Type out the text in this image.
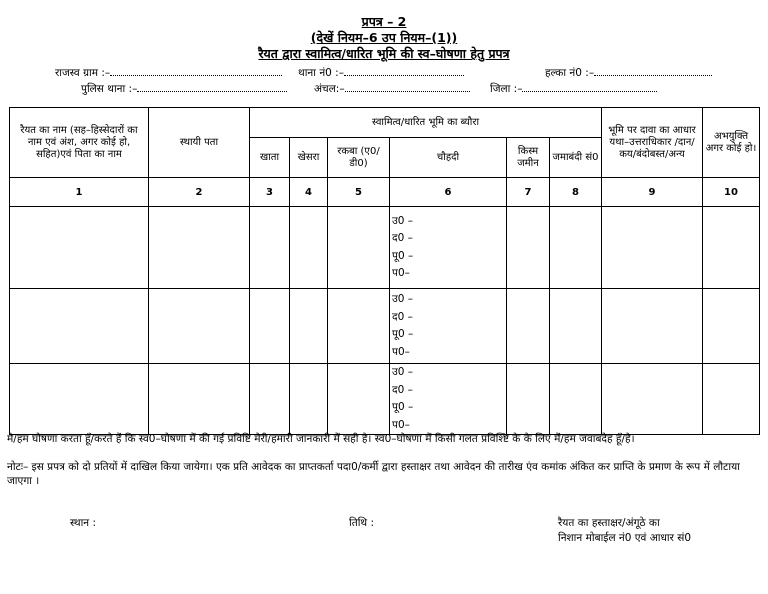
प्रपत्र – 2
(देखें नियम–6 उप नियम–(1))
रैयत द्वारा स्वामित्व/धारित भूमि की स्व–घोषणा हेतु प्रपत्र
राजस्व ग्राम :–	थाना नं0 :–	हल्का नं0 :–
पुलिस थाना :–	अंचल:–	जिला :–
रैयत का नाम (सह–हिस्सेदारों का नाम एवं अंश, अगर कोई हो, सहित)एवं पिता का नाम	स्थायी पता	स्वामित्व/धारित भूमि का ब्यौरा						भूमि पर दावा का आधार यथा–उत्तराधिकार /दान/कय/बंदोबस्त/अन्य	अभयुक्ति अगर कोई हो।
		खाता	खेसरा	रकबा (ए0/डी0)	चौहदी	किस्म जमीन	जमाबंदी सं0		
1	2	3	4	5	6	7	8	9	10

					उ0 –
द0 –
पू0 –
प0–				

					उ0 –
द0 –
पू0 –
प0–				

					उ0 –
द0 –
पू0 –
प0–				

मै/हम घोषणा करता हूँ/करते हैं कि स्व0–घोषणा में की गई प्रविष्टि मेरी/हमारी जानकारी में सही है। स्व0–घोषणा में किसी गलत प्रविश्ष्टि के के लिए मैं/हम जवाबदेह हूँ/है।
नोटः– इस प्रपत्र को दो प्रतियों में दाखिल किया जायेगा। एक प्रति आवेदक का प्राप्तकर्ता पदा0/कर्मी द्वारा हस्ताक्षर तथा आवेदन की तारीख एंव कमांक अंकित कर प्राप्ति के प्रमाण के रूप में लौटाया जाएगा ।
स्थान :	तिथि :	रैयत का हस्ताक्षर/अंगूठे का
निशान मोबाईल नं0 एवं आधार सं0
